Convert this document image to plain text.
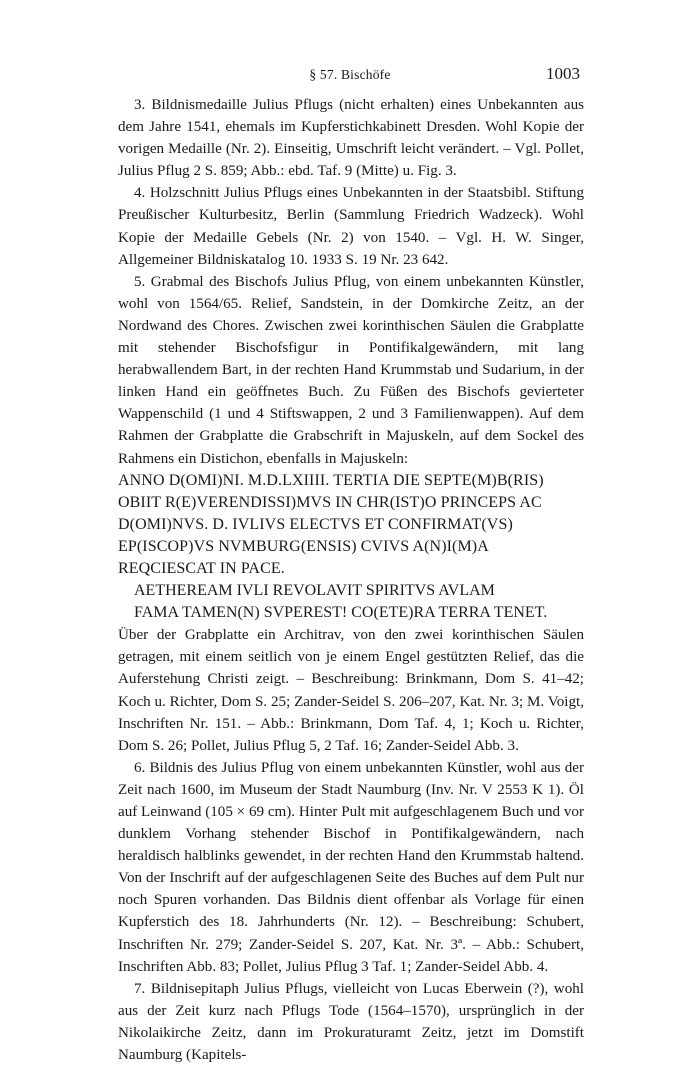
§ 57. Bischöfe	1003

3. Bildnismedaille Julius Pflugs (nicht erhalten) eines Unbekannten aus dem Jahre 1541, ehemals im Kupferstichkabinett Dresden. Wohl Kopie der vorigen Medaille (Nr. 2). Einseitig, Umschrift leicht verändert. – Vgl. Pollet, Julius Pflug 2 S. 859; Abb.: ebd. Taf. 9 (Mitte) u. Fig. 3.

4. Holzschnitt Julius Pflugs eines Unbekannten in der Staatsbibl. Stiftung Preußischer Kulturbesitz, Berlin (Sammlung Friedrich Wadzeck). Wohl Kopie der Medaille Gebels (Nr. 2) von 1540. – Vgl. H. W. Singer, Allgemeiner Bildniskatalog 10. 1933 S. 19 Nr. 23 642.

5. Grabmal des Bischofs Julius Pflug, von einem unbekannten Künstler, wohl von 1564/65. Relief, Sandstein, in der Domkirche Zeitz, an der Nordwand des Chores. Zwischen zwei korinthischen Säulen die Grabplatte mit stehender Bischofsfigur in Pontifikalgewändern, mit lang herabwallendem Bart, in der rechten Hand Krummstab und Sudarium, in der linken Hand ein geöffnetes Buch. Zu Füßen des Bischofs gevierteter Wappenschild (1 und 4 Stiftswappen, 2 und 3 Familienwappen). Auf dem Rahmen der Grabplatte die Grabschrift in Majuskeln, auf dem Sockel des Rahmens ein Distichon, ebenfalls in Majuskeln:

ANNO D(OMI)NI. M.D.LXIIII. TERTIA DIE SEPTE(M)B(RIS) OBIIT R(E)VERENDISSI)MVS IN CHR(IST)O PRINCEPS AC D(OMI)NVS. D. IVLIVS ELECTVS ET CONFIRMAT(VS) EP(ISCOP)VS NVMBURG(ENSIS) CVIVS A(N)I(M)A REQCIESCAT IN PACE.

AETHEREAM IVLI REVOLAVIT SPIRITVS AVLAM

FAMA TAMEN(N) SVPEREST! CO(ETE)RA TERRA TENET.

Über der Grabplatte ein Architrav, von den zwei korinthischen Säulen getragen, mit einem seitlich von je einem Engel gestützten Relief, das die Auferstehung Christi zeigt. – Beschreibung: Brinkmann, Dom S. 41–42; Koch u. Richter, Dom S. 25; Zander-Seidel S. 206–207, Kat. Nr. 3; M. Voigt, Inschriften Nr. 151. – Abb.: Brinkmann, Dom Taf. 4, 1; Koch u. Richter, Dom S. 26; Pollet, Julius Pflug 5, 2 Taf. 16; Zander-Seidel Abb. 3.

6. Bildnis des Julius Pflug von einem unbekannten Künstler, wohl aus der Zeit nach 1600, im Museum der Stadt Naumburg (Inv. Nr. V 2553 K 1). Öl auf Leinwand (105 × 69 cm). Hinter Pult mit aufgeschlagenem Buch und vor dunklem Vorhang stehender Bischof in Pontifikalgewändern, nach heraldisch halblinks gewendet, in der rechten Hand den Krummstab haltend. Von der Inschrift auf der aufgeschlagenen Seite des Buches auf dem Pult nur noch Spuren vorhanden. Das Bildnis dient offenbar als Vorlage für einen Kupferstich des 18. Jahrhunderts (Nr. 12). – Beschreibung: Schubert, Inschriften Nr. 279; Zander-Seidel S. 207, Kat. Nr. 3ª. – Abb.: Schubert, Inschriften Abb. 83; Pollet, Julius Pflug 3 Taf. 1; Zander-Seidel Abb. 4.

7. Bildnisepitaph Julius Pflugs, vielleicht von Lucas Eberwein (?), wohl aus der Zeit kurz nach Pflugs Tode (1564–1570), ursprünglich in der Nikolaikirche Zeitz, dann im Prokuraturamt Zeitz, jetzt im Domstift Naumburg (Kapitels-
